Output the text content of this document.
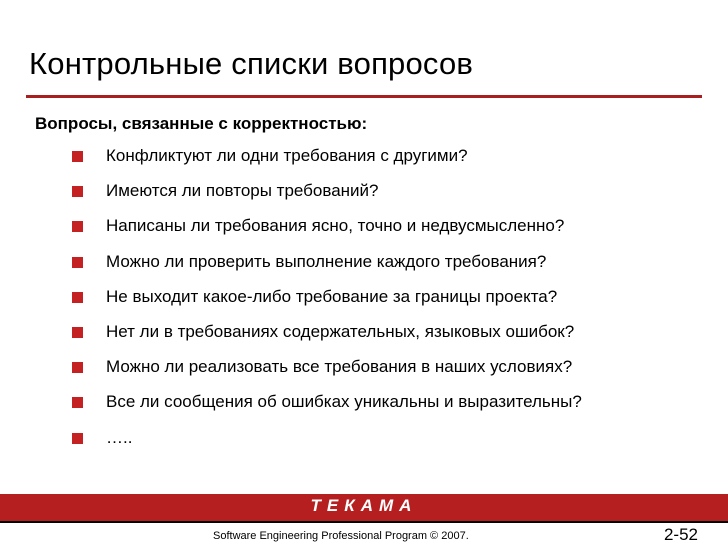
Контрольные списки вопросов
Вопросы, связанные с корректностью:
Конфликтуют ли одни требования с другими?
Имеются ли повторы требований?
Написаны ли требования ясно, точно и недвусмысленно?
Можно ли проверить выполнение каждого требования?
Не выходит какое-либо требование за границы проекта?
Нет ли в требованиях содержательных, языковых ошибок?
Можно ли реализовать все требования в наших условиях?
Все ли сообщения об ошибках уникальны и выразительны?
…..
ТЕКАМА
Software Engineering Professional Program © 2007.	2-52
